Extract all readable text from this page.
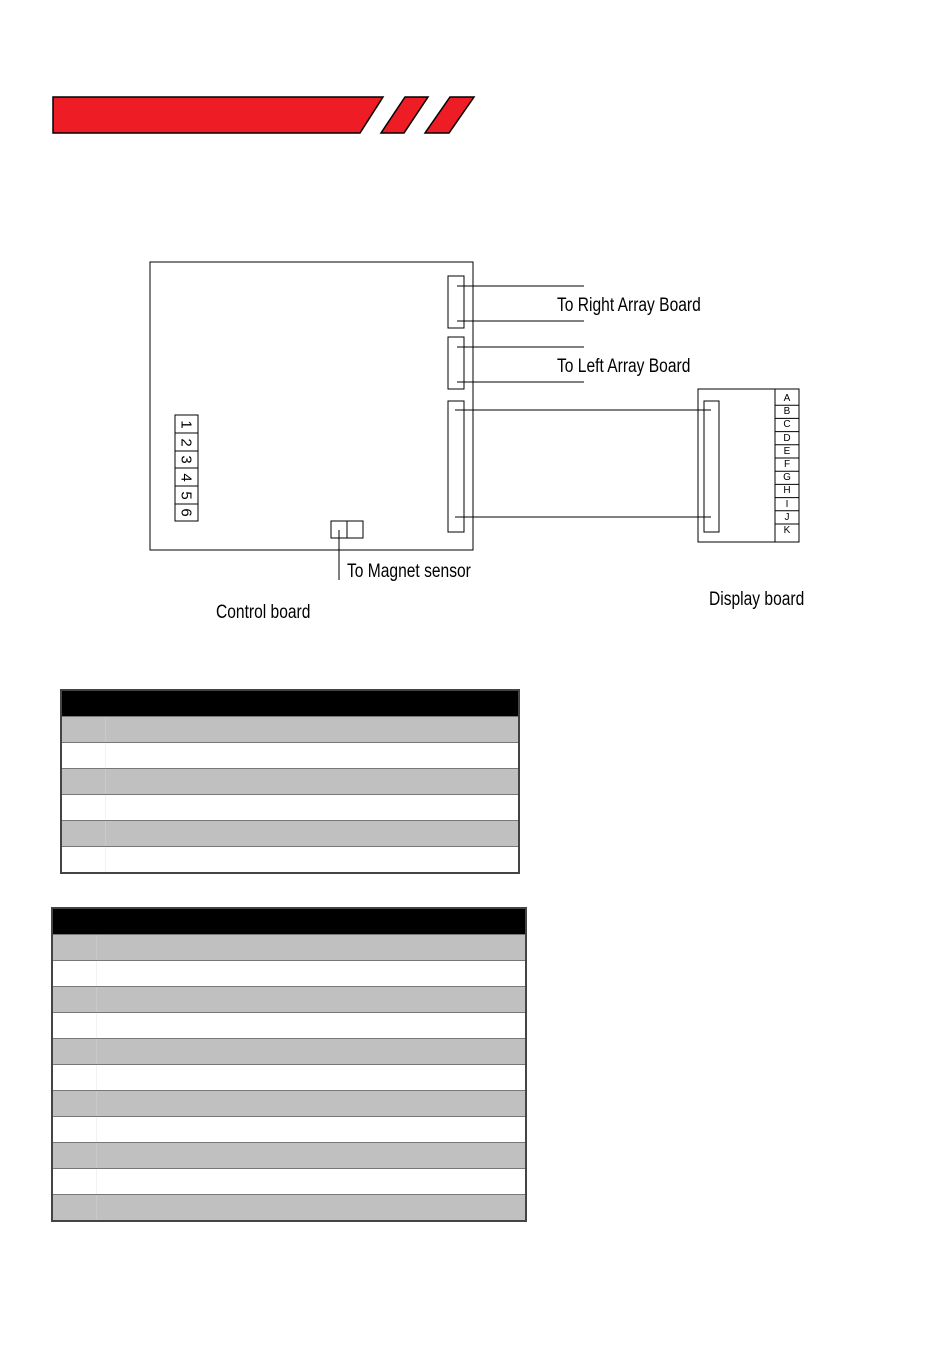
To Right Array Board
To Left Array Board
To Magnet sensor
Control board
Display board
1
2
3
4
5
6
A
B
C
D
E
F
G
H
I
J
K
